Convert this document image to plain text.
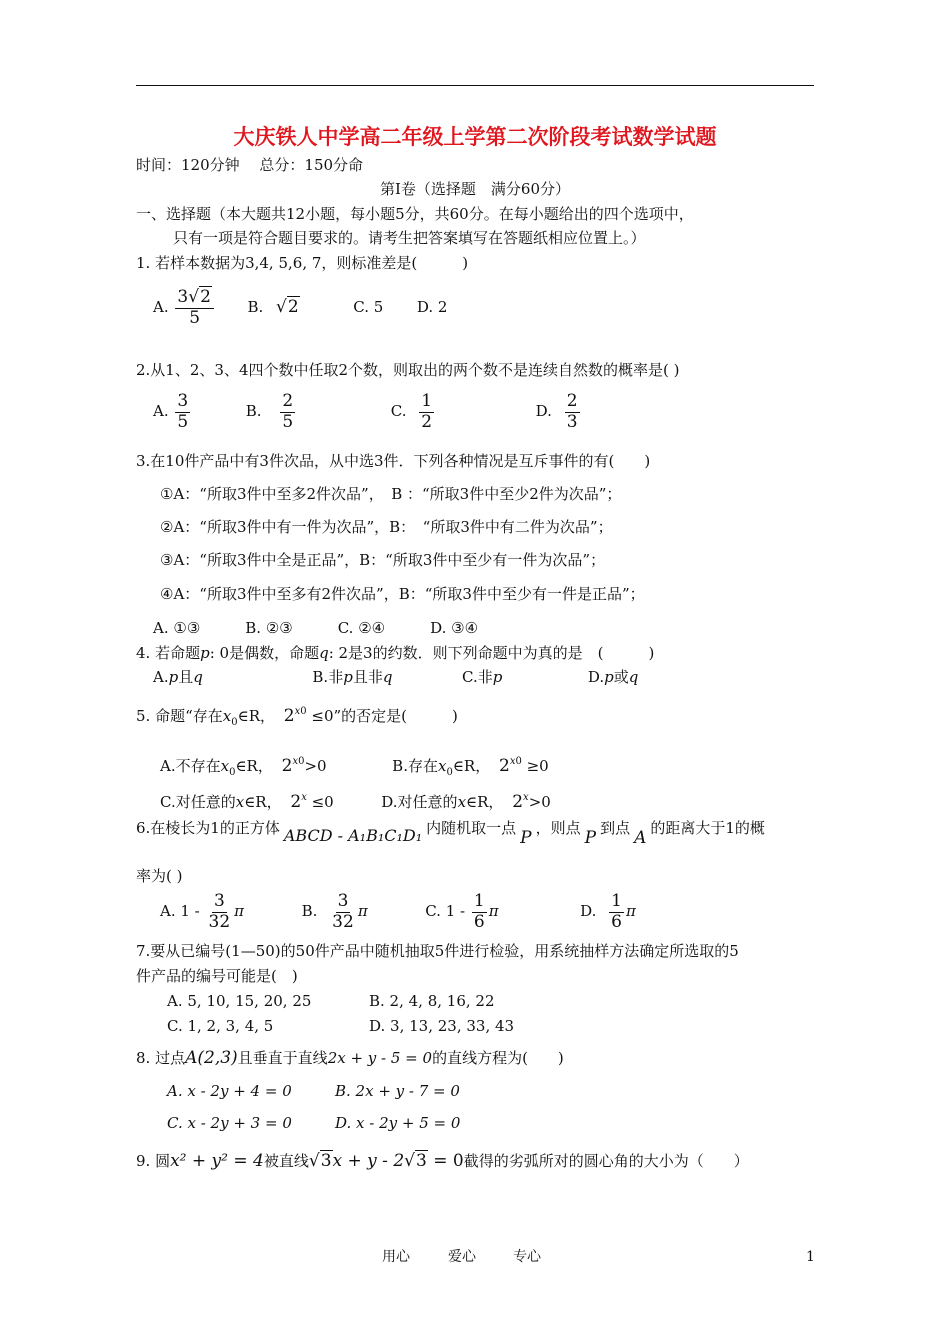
大庆铁人中学高二年级上学第二次阶段考试数学试题
时间：120分钟　 总分：150分命
第Ⅰ卷（选择题　满分60分）
一、选择题（本大题共12小题，每小题5分，共60分。在每小题给出的四个选项中，
只有一项是符合题目要求的。请考生把答案填写在答题纸相应位置上。）
1. 若样本数据为3,4, 5,6, 7，则标准差是(　　　)
A. $\frac{3√2}{5} B$. √2	C. 5 D. 2
2.从1、2、3、4四个数中任取2个数，则取出的两个数不是连续自然数的概率是( )
A. $\frac{3}{5}$	B. $\frac{2}{5}$	C. $\frac{1}{2}$	D. $\frac{2}{3}$
3.在10件产品中有3件次品，从中选3件．下列各种情况是互斥事件的有(　　)
①A：“所取3件中至多2件次品”，　B ：“所取3件中至少2件为次品”；
②A：“所取3件中有一件为次品”，B：　“所取3件中有二件为次品”；
③A：“所取3件中全是正品”，B：“所取3件中至少有一件为次品”；
④A：“所取3件中至多有2件次品”，B：“所取3件中至少有一件是正品”；
A. ①③　　　B. ②③　　　C. ②④　　　D. ③④
4. 若命题p: 0是偶数，命题q: 2是3的约数．则下列命题中为真的是　(　　　)
A.p且q	B.非p且非q	C.非p	D.p或q
5. 命题“存在$x_0\in R$， $2^{x0} \le 0$”的否定是(　　　)
A.不存在$x_0\in R$， $2^{x0}>0$	B.存在$x_0\in R$， $2^{x0} \ge 0$
C.对任意的x∈R， $2^x \le 0$	D.对任意的x∈R， $2^x>0$
6.在棱长为1的正方体 ABCD - A₁B₁C₁D₁ 内随机取一点 P ，则点 P 到点 A 的距离大于1的概
率为( )
A. $1 - \frac{3}{32}$ π	B. $\frac{3}{32}$ π	C. $1 - \frac{1}{6}$ π	D. $\frac{1}{6}$ π
7.要从已编号(1—50)的50件产品中随机抽取5件进行检验，用系统抽样方法确定所选取的5
件产品的编号可能是(　)
A. 5, 10, 15, 20, 25	B. 2, 4, 8, 16, 22
C. 1, 2, 3, 4, 5	D. 3, 13, 23, 33, 43
8. 过点A(2,3)且垂直于直线2x + y - 5 = 0的直线方程为(　　)
A. x - 2y + 4 = 0	B. 2x + y - 7 = 0
C. x - 2y + 3 = 0	D. x - 2y + 5 = 0
9. 圆x² + y² = 4被直线√3x + y - 2√3 = 0截得的劣弧所对的圆心角的大小为（　　）
用心	爱心	专心	1
